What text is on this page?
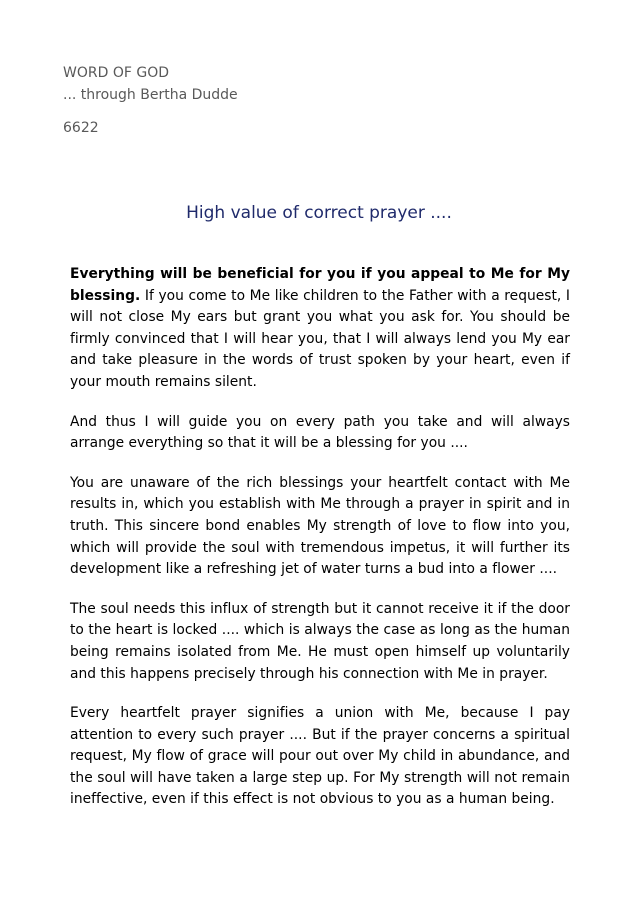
WORD OF GOD
... through Bertha Dudde
6622
High value of correct prayer ....

Everything will be beneficial for you if you appeal to Me for My blessing. If you come to Me like children to the Father with a request, I will not close My ears but grant you what you ask for. You should be firmly convinced that I will hear you, that I will always lend you My ear and take pleasure in the words of trust spoken by your heart, even if your mouth remains silent.

And thus I will guide you on every path you take and will always arrange everything so that it will be a blessing for you ....

You are unaware of the rich blessings your heartfelt contact with Me results in, which you establish with Me through a prayer in spirit and in truth. This sincere bond enables My strength of love to flow into you, which will provide the soul with tremendous impetus, it will further its development like a refreshing jet of water turns a bud into a flower ....

The soul needs this influx of strength but it cannot receive it if the door to the heart is locked .... which is always the case as long as the human being remains isolated from Me. He must open himself up voluntarily and this happens precisely through his connection with Me in prayer.

Every heartfelt prayer signifies a union with Me, because I pay attention to every such prayer .... But if the prayer concerns a spiritual request, My flow of grace will pour out over My child in abundance, and the soul will have taken a large step up. For My strength will not remain ineffective, even if this effect is not obvious to you as a human being.
